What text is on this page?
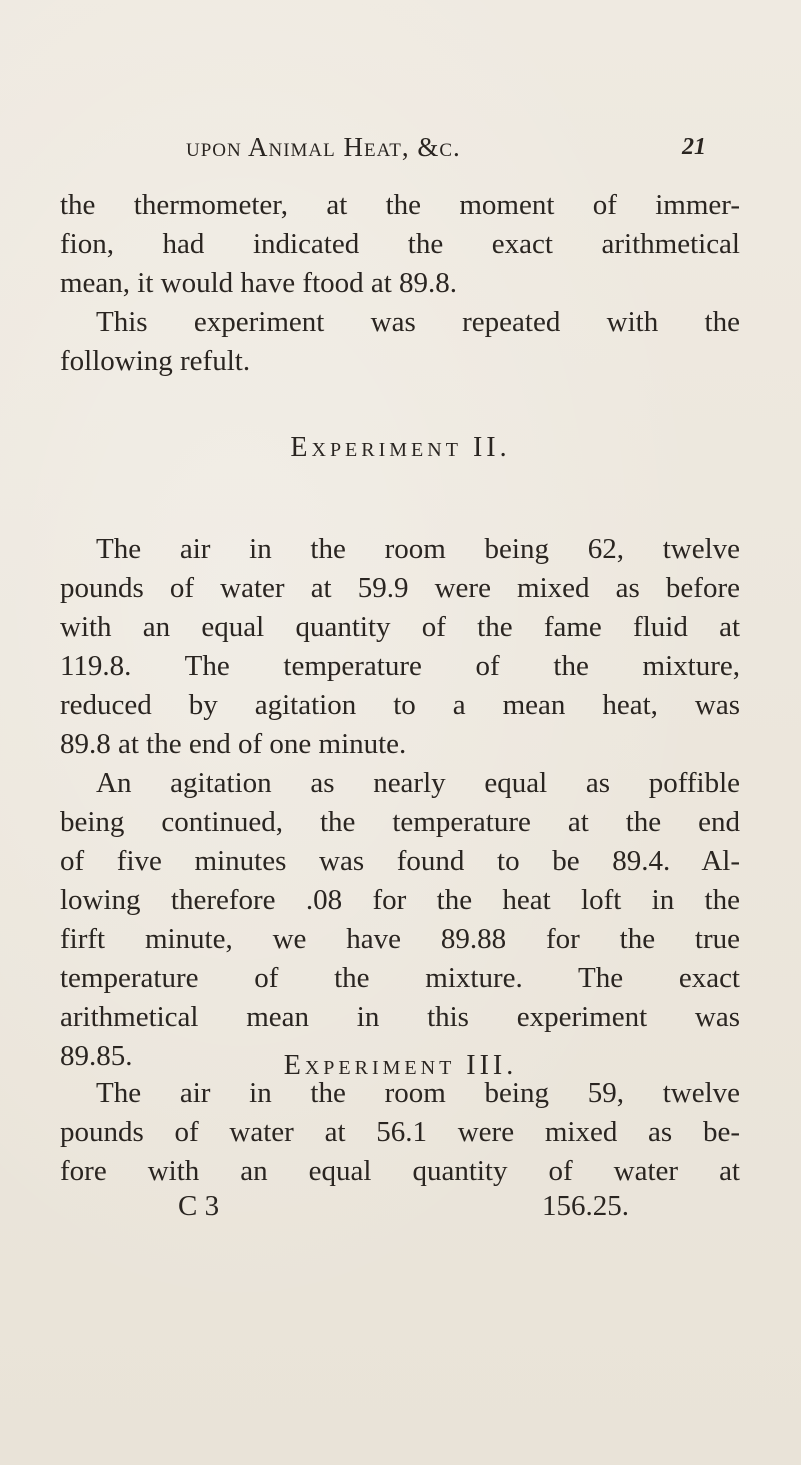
upon Animal Heat, &c.	21
the thermometer, at the moment of immer-
fion, had indicated the exact arithmetical
mean, it would have ftood at 89.8.
This experiment was repeated with the
following refult.
Experiment II.
The air in the room being 62, twelve
pounds of water at 59.9 were mixed as before
with an equal quantity of the fame fluid at
119.8. The temperature of the mixture,
reduced by agitation to a mean heat, was
89.8 at the end of one minute.
An agitation as nearly equal as poffible
being continued, the temperature at the end
of five minutes was found to be 89.4. Al-
lowing therefore .08 for the heat loft in the
firft minute, we have 89.88 for the true
temperature of the mixture. The exact
arithmetical mean in this experiment was
89.85.	Experiment III.
The air in the room being 59, twelve
pounds of water at 56.1 were mixed as be-
fore with an equal quantity of water at
C 3	156.25.
